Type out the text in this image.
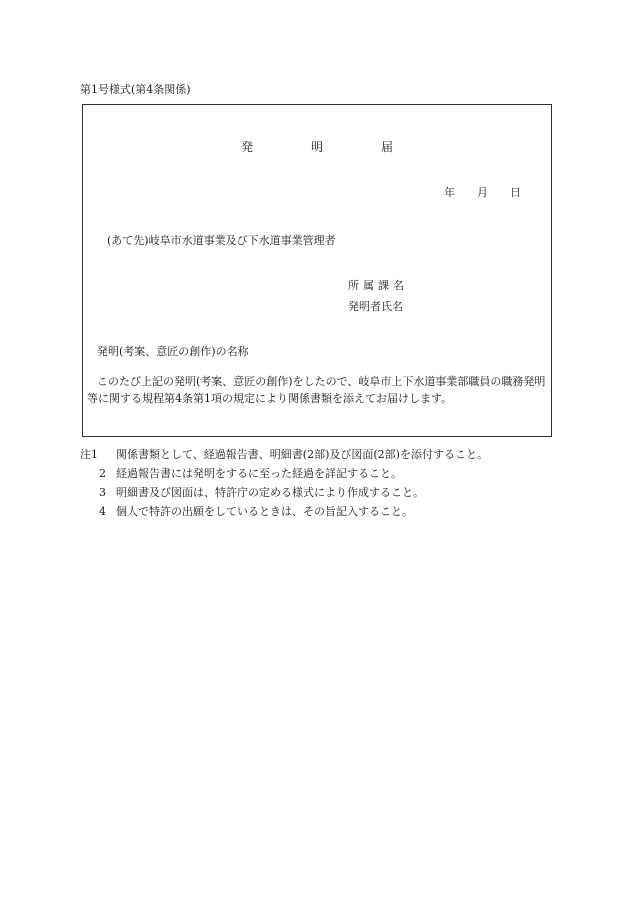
第1号様式(第4条関係)
発	明	届
年 月 日
(あて先)岐阜市水道事業及び下水道事業管理者
所属課名
発明者氏名
発明(考案、意匠の創作)の名称
このたび上記の発明(考案、意匠の創作)をしたので、岐阜市上下水道事業部職員の職務発明等に関する規程第4条第1項の規定により関係書類を添えてお届けします。
注1	関係書類として、経過報告書、明細書(2部)及び図面(2部)を添付すること。
2 経過報告書には発明をするに至った経過を詳記すること。
3 明細書及び図面は、特許庁の定める様式により作成すること。
4 個人で特許の出願をしているときは、その旨記入すること。
